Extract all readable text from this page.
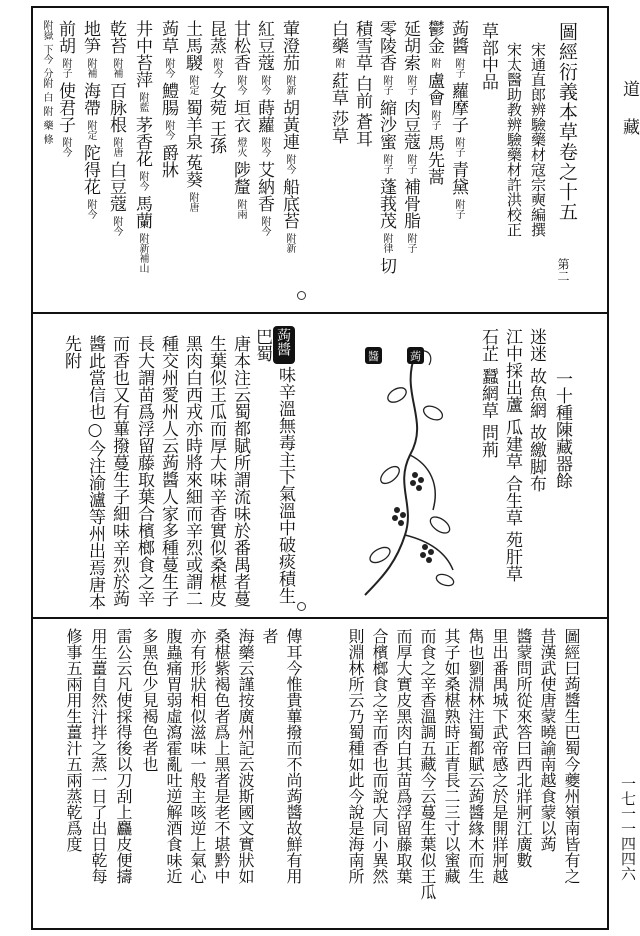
道
藏
一七一一四四六
圖經衍義本草卷之十五
宋通直郎辨驗藥材寇宗奭編撰
宋太醫助教辨驗藥材許洪校正
第二
草部中品
蒟醬附子蘿摩子附子青黛附子
鬱金附盧會附子馬先蒿
延胡索附子肉豆蔻附子補骨脂附子
零陵香附子縮沙蜜附子蓬莪茂附律切
積雪草白前蒼耳
白藥附葒草莎草
葷澄茄附新胡黃連附今船底苔附新
紅豆蔻附今蒔蘿附今艾納香附今
甘松香附今垣衣燈火陟釐附兩
昆蒸附今女菀王孫
土馬騣附定蜀羊泉菟葵附唐
蒟草附今鱧腸附今爵牀
井中苔萍附藍茅香花附今馬蘭附新補山
乾苔附補百脉根附唐白豆蔻附今
地笋附補海帶附定陀得花附今
前胡附子使君子附今
附嶽下今分附白附藥條
一十種陳藏器餘
迷迷 故魚網 故繳脚布
江中採出蘆 瓜建草 合生草 苑肝草
石芷 蠶網草 問荊
蒟
醬
蒟醬
味辛溫無毒主下氣溫中破痰積生
巴蜀
唐本注云蜀都賦所謂流味於番禺者蔓
生葉似王瓜而厚大味辛香實似桑椹皮
黑肉白西戎亦時將來細而辛烈或謂二
種交州愛州人云蒟醬人家多種蔓生子
長大謂苗爲浮留藤取葉合檳榔食之辛
而香也又有蓽撥蔓生子細味辛烈於蒟
醬此當信也○今注渝瀘等州出焉唐本
先附
圖經曰蒟醬生巴蜀今夔州嶺南皆有之
昔漢武使唐蒙曉諭南越食蒙以蒟
醬蒙問所從來答曰西北牂牁江廣數
里出番禺城下武帝感之於是開牂牁越
雋也劉淵林注蜀都賦云蒟醬緣木而生
其子如桑椹熟時正青長二三寸以蜜藏
而食之辛香溫調五藏今云蔓生葉似王瓜
而厚大實皮黑肉白其苗爲浮留藤取葉
合檳榔食之辛而香也而說大同小異然
則淵林所云乃蜀種如此今說是海南所
傳耳今惟貴蓽撥而不尚蒟醬故鮮有用
者
海藥云謹按廣州記云波斯國文實狀如
桑椹紫褐色者爲上黑者是老不堪黔中
亦有形狀相似滋味一般主咳逆上氣心
腹蟲痛胃弱虛瀉霍亂吐逆解酒食味近
多黑色少見褐色者也
雷公云凡使採得後以刀刮上麤皮便擣
用生薑自然汁拌之蒸一日了出日乾每
修事五兩用生薑汁五兩蒸乾爲度
